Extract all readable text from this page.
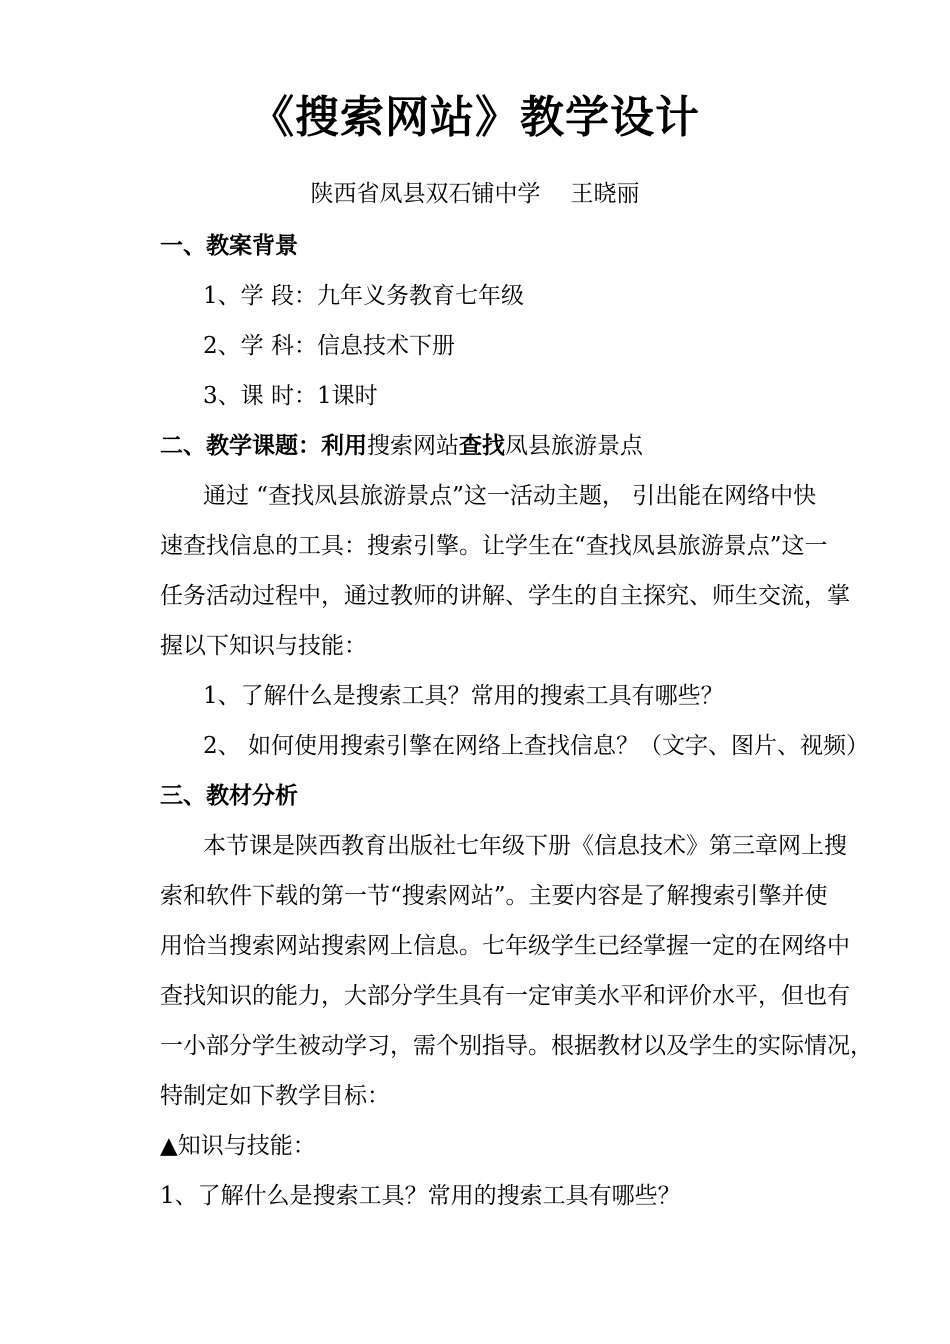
《搜索网站》教学设计
陕西省凤县双石铺中学 王晓丽
一、教案背景
1、学 段：九年义务教育七年级
2、学 科：信息技术下册
3、课 时：1课时
二、教学课题：利用搜索网站查找凤县旅游景点
通过 “查找凤县旅游景点”这一活动主题， 引出能在网络中快
速查找信息的工具：搜索引擎。让学生在“查找凤县旅游景点”这一
任务活动过程中，通过教师的讲解、学生的自主探究、师生交流，掌
握以下知识与技能：
1、了解什么是搜索工具？常用的搜索工具有哪些？
2、 如何使用搜索引擎在网络上查找信息？（文字、图片、视频）
三、教材分析
本节课是陕西教育出版社七年级下册《信息技术》第三章网上搜
索和软件下载的第一节“搜索网站”。主要内容是了解搜索引擎并使
用恰当搜索网站搜索网上信息。七年级学生已经掌握一定的在网络中
查找知识的能力，大部分学生具有一定审美水平和评价水平，但也有
一小部分学生被动学习，需个别指导。根据教材以及学生的实际情况，
特制定如下教学目标：
▲知识与技能：
1、了解什么是搜索工具？常用的搜索工具有哪些？
